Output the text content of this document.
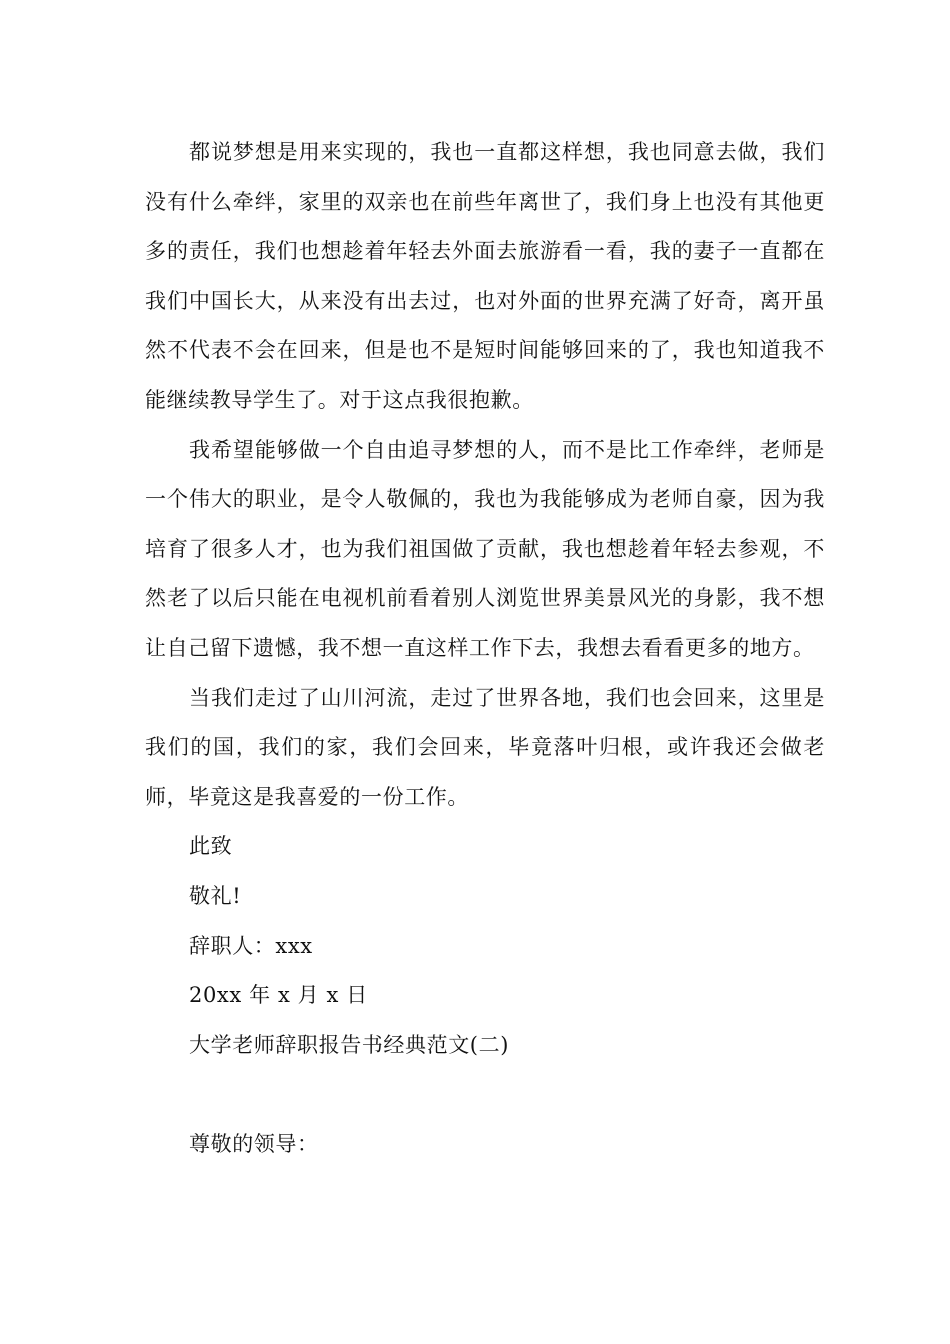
都说梦想是用来实现的，我也一直都这样想，我也同意去做，我们没有什么牵绊，家里的双亲也在前些年离世了，我们身上也没有其他更多的责任，我们也想趁着年轻去外面去旅游看一看，我的妻子一直都在我们中国长大，从来没有出去过，也对外面的世界充满了好奇，离开虽然不代表不会在回来，但是也不是短时间能够回来的了，我也知道我不能继续教导学生了。对于这点我很抱歉。

我希望能够做一个自由追寻梦想的人，而不是比工作牵绊，老师是一个伟大的职业，是令人敬佩的，我也为我能够成为老师自豪，因为我培育了很多人才，也为我们祖国做了贡献，我也想趁着年轻去参观，不然老了以后只能在电视机前看着别人浏览世界美景风光的身影，我不想让自己留下遗憾，我不想一直这样工作下去，我想去看看更多的地方。

当我们走过了山川河流，走过了世界各地，我们也会回来，这里是我们的国，我们的家，我们会回来，毕竟落叶归根，或许我还会做老师，毕竟这是我喜爱的一份工作。

此致

敬礼!

辞职人：xxx

20xx 年 x 月 x 日

大学老师辞职报告书经典范文(二)

尊敬的领导：
